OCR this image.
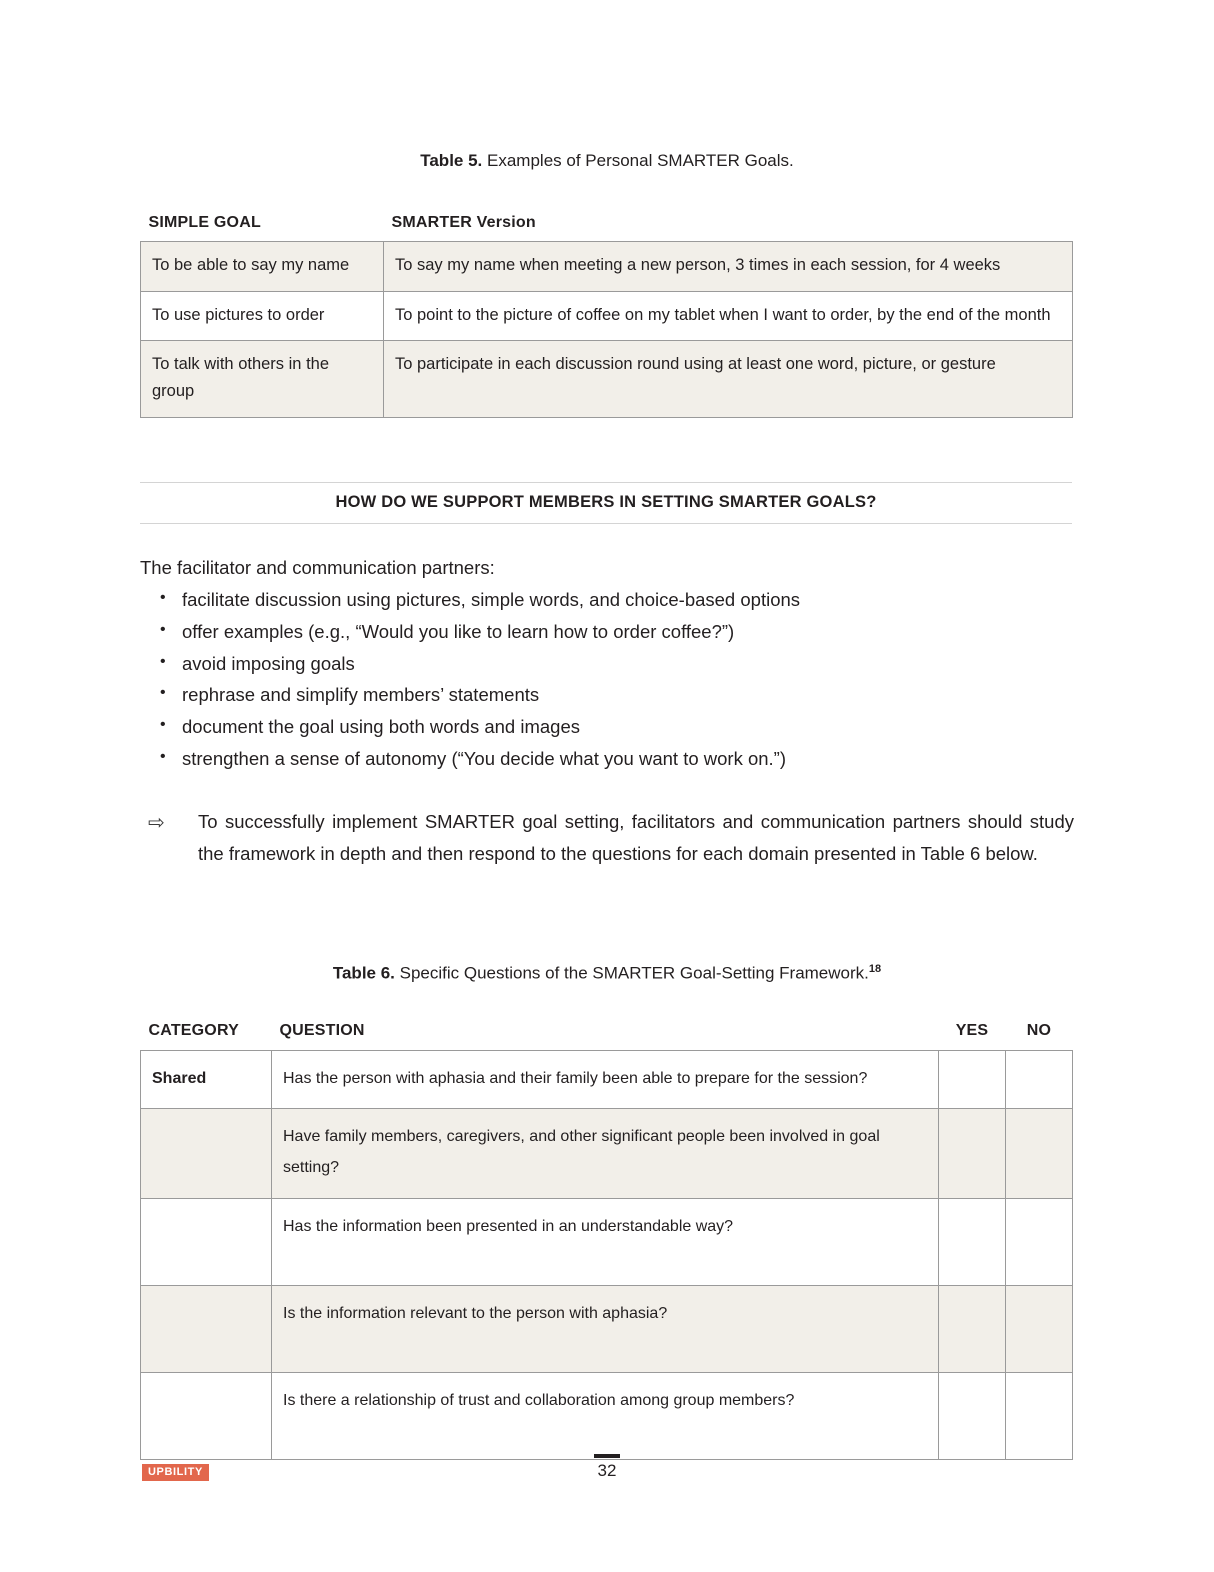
Table 5. Examples of Personal SMARTER Goals.
SIMPLE GOAL	SMARTER Version
To be able to say my name	To say my name when meeting a new person, 3 times in each session, for 4 weeks
To use pictures to order	To point to the picture of coffee on my tablet when I want to order, by the end of the month
To talk with others in the group	To participate in each discussion round using at least one word, picture, or gesture
HOW DO WE SUPPORT MEMBERS IN SETTING SMARTER GOALS?
The facilitator and communication partners:
• facilitate discussion using pictures, simple words, and choice-based options
• offer examples (e.g., “Would you like to learn how to order coffee?”)
• avoid imposing goals
• rephrase and simplify members’ statements
• document the goal using both words and images
• strengthen a sense of autonomy (“You decide what you want to work on.”)
⇨ To successfully implement SMARTER goal setting, facilitators and communication partners should study the framework in depth and then respond to the questions for each domain presented in Table 6 below.
Table 6. Specific Questions of the SMARTER Goal-Setting Framework.$^{18}$
CATEGORY	QUESTION	YES	NO
Shared	Has the person with aphasia and their family been able to prepare for the session?		
	Have family members, caregivers, and other significant people been involved in goal setting?		
	Has the information been presented in an understandable way?		
	Is the information relevant to the person with aphasia?		
	Is there a relationship of trust and collaboration among group members?		
UPBILITY	32
